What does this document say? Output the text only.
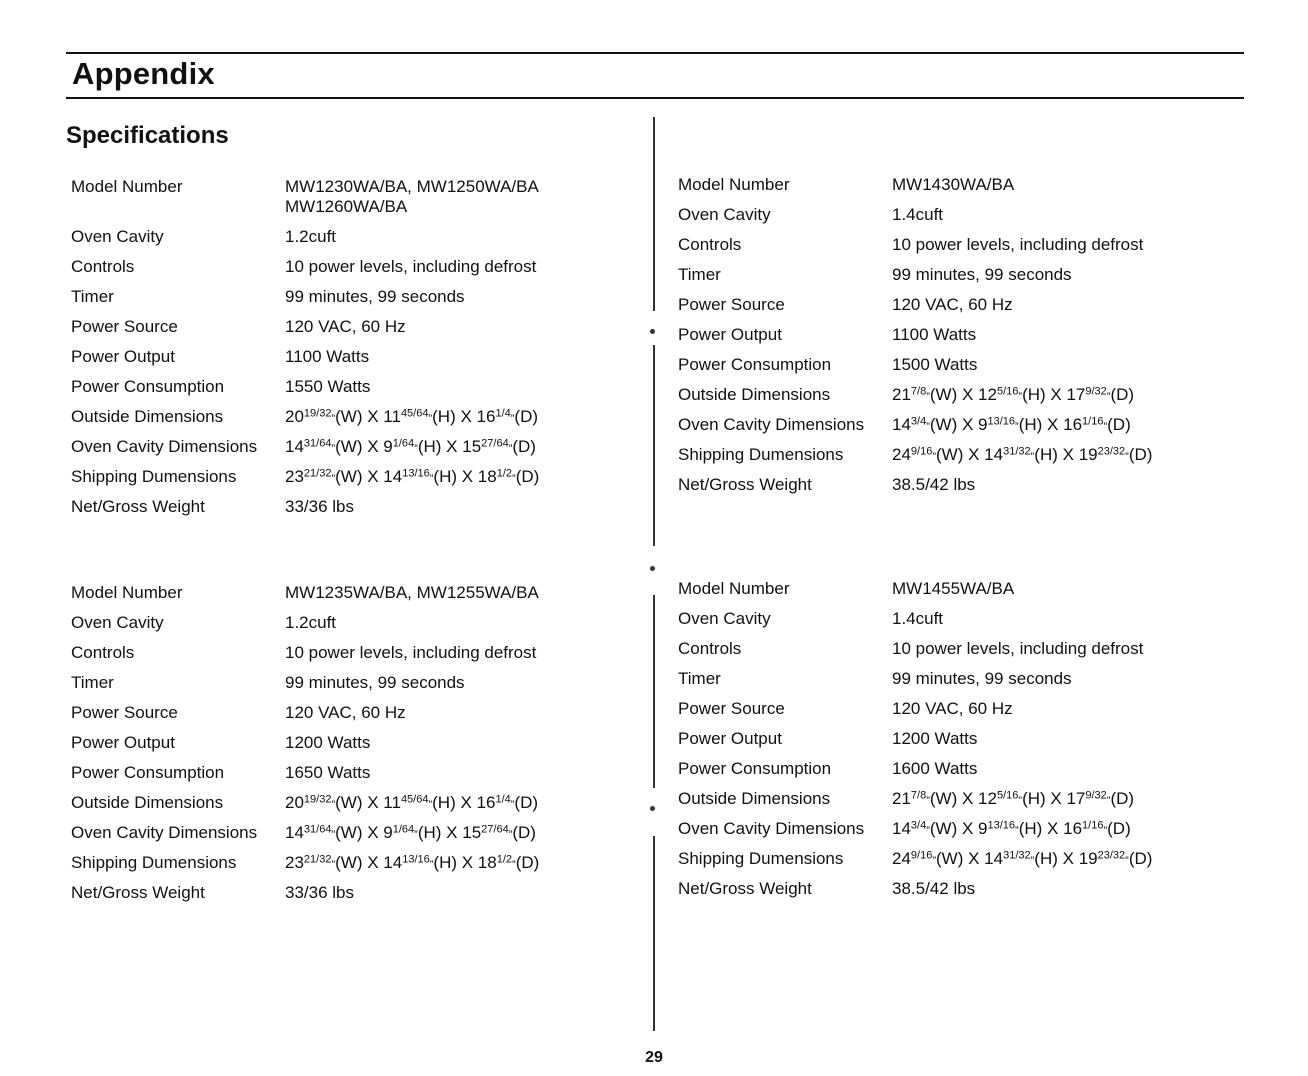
Appendix
Specifications
Model Number	MW1230WA/BA, MW1250WA/BA
MW1260WA/BA

Oven Cavity	1.2cuft
Controls	10 power levels, including defrost
Timer	99 minutes, 99 seconds
Power Source	120 VAC, 60 Hz
Power Output	1100 Watts
Power Consumption	1550 Watts
Outside Dimensions	$20^{19/32}”(W)$ X $11^{45/64}”(H)$ X $16^{1/4}”(D)$
Oven Cavity Dimensions	$14^{31/64}”(W)$ X $9^{1/64}”(H)$ X $15^{27/64}”(D)$
Shipping Dumensions	$23^{21/32}”(W)$ X $14^{13/16}”(H)$ X $18^{1/2}”(D)$
Net/Gross Weight	33/36 lbs
Model Number	MW1430WA/BA
Oven Cavity	1.4cuft
Controls	10 power levels, including defrost
Timer	99 minutes, 99 seconds
Power Source	120 VAC, 60 Hz
Power Output	1100 Watts
Power Consumption	1500 Watts
Outside Dimensions	$21^{7/8}”(W)$ X $12^{5/16}”(H)$ X $17^{9/32}”(D)$
Oven Cavity Dimensions	$14^{3/4}”(W)$ X $9^{13/16}”(H)$ X $16^{1/16}”(D)$
Shipping Dumensions	$24^{9/16}”(W)$ X $14^{31/32}”(H)$ X $19^{23/32}”(D)$
Net/Gross Weight	38.5/42 lbs
Model Number	MW1235WA/BA, MW1255WA/BA
Oven Cavity	1.2cuft
Controls	10 power levels, including defrost
Timer	99 minutes, 99 seconds
Power Source	120 VAC, 60 Hz
Power Output	1200 Watts
Power Consumption	1650 Watts
Outside Dimensions	$20^{19/32}”(W)$ X $11^{45/64}”(H)$ X $16^{1/4}”(D)$
Oven Cavity Dimensions	$14^{31/64}”(W)$ X $9^{1/64}”(H)$ X $15^{27/64}”(D)$
Shipping Dumensions	$23^{21/32}”(W)$ X $14^{13/16}”(H)$ X $18^{1/2}”(D)$
Net/Gross Weight	33/36 lbs
Model Number	MW1455WA/BA
Oven Cavity	1.4cuft
Controls	10 power levels, including defrost
Timer	99 minutes, 99 seconds
Power Source	120 VAC, 60 Hz
Power Output	1200 Watts
Power Consumption	1600 Watts
Outside Dimensions	$21^{7/8}”(W)$ X $12^{5/16}”(H)$ X $17^{9/32}”(D)$
Oven Cavity Dimensions	$14^{3/4}”(W)$ X $9^{13/16}”(H)$ X $16^{1/16}”(D)$
Shipping Dumensions	$24^{9/16}”(W)$ X $14^{31/32}”(H)$ X $19^{23/32}”(D)$
Net/Gross Weight	38.5/42 lbs
29
